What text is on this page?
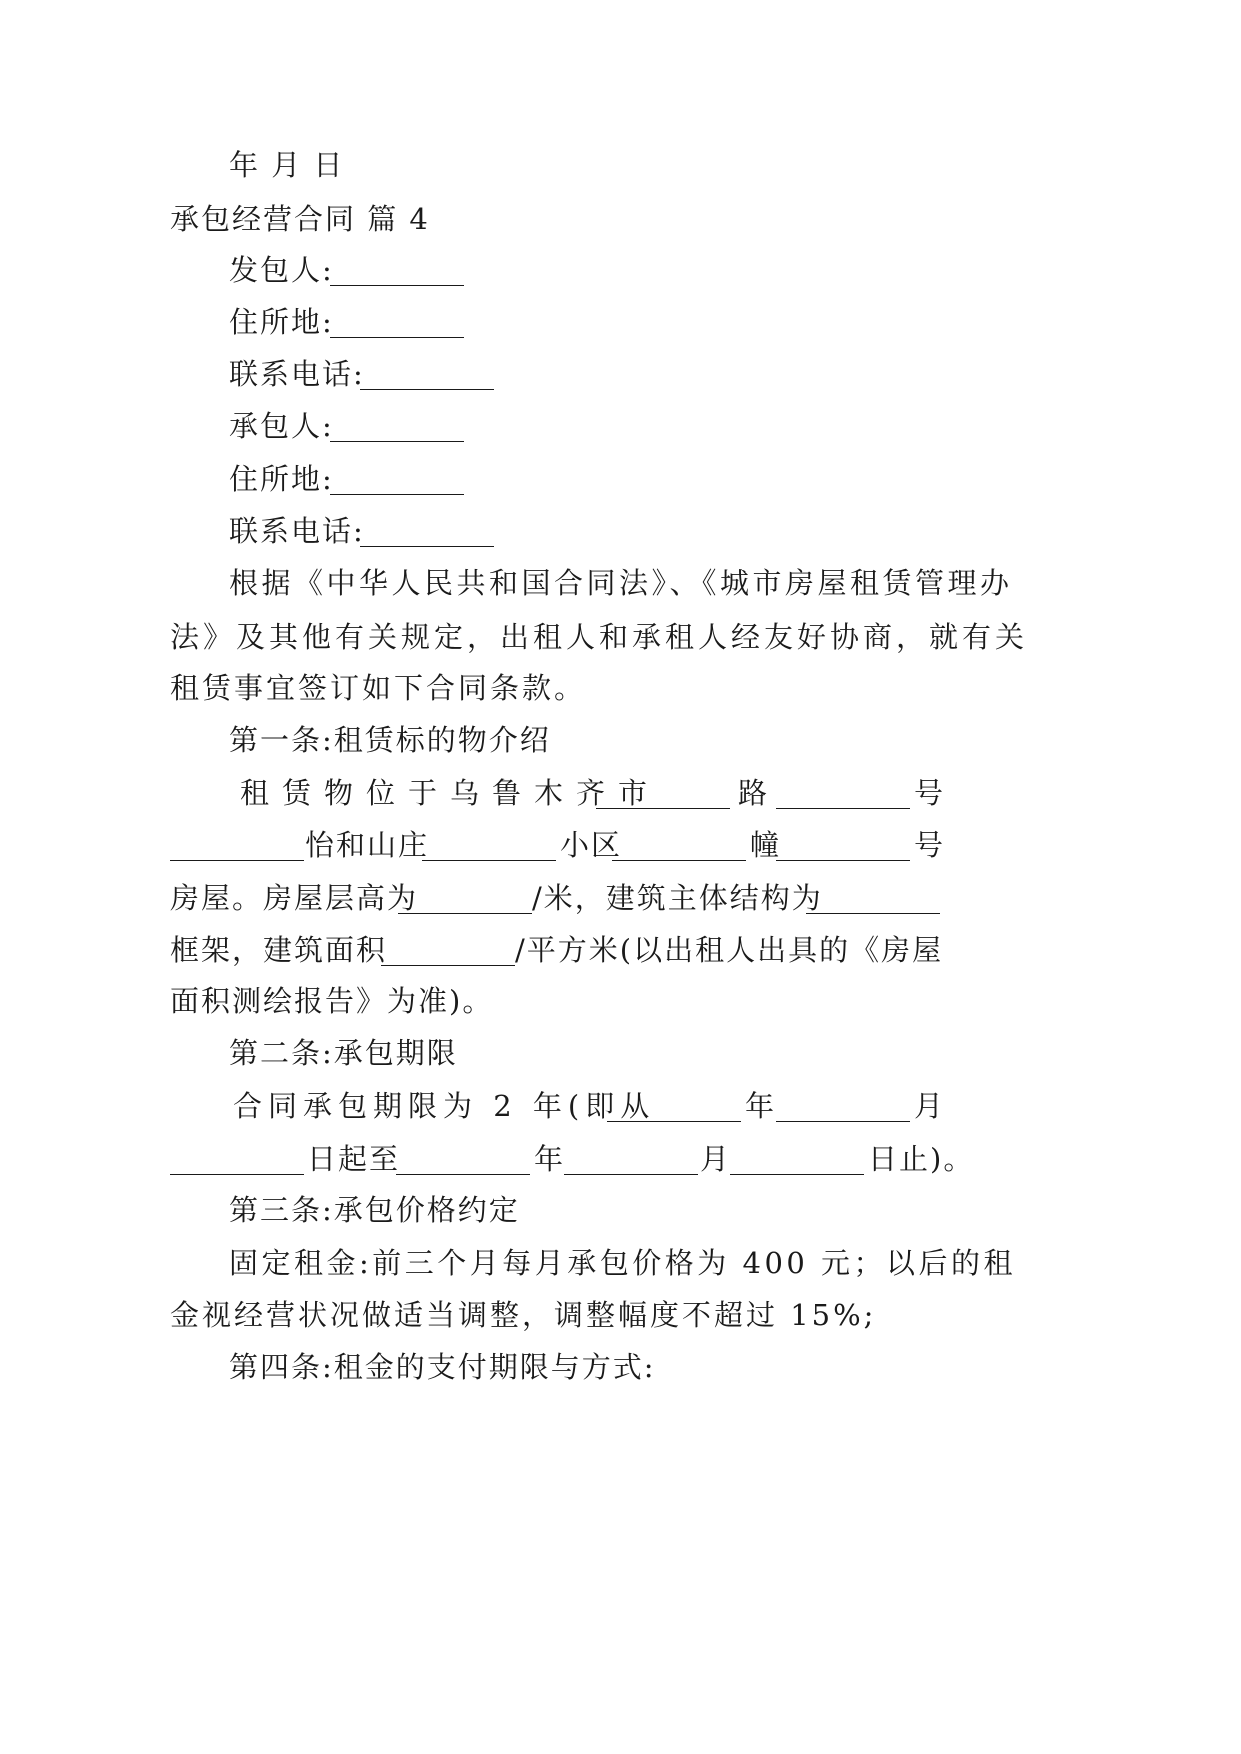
年 月 日
承包经营合同 篇 4
发包人:
住所地:
联系电话:
承包人:
住所地:
联系电话:
根据《中华人民共和国合同法》、《城市房屋租赁管理办
法》及其他有关规定，出租人和承租人经友好协商，就有关
租赁事宜签订如下合同条款。
第一条:租赁标的物介绍
租赁物位于乌鲁木齐市	路	号
怡和山庄	小区	幢	号
房屋。房屋层高为	/米，建筑主体结构为
框架，建筑面积	/平方米(以出租人出具的《房屋
面积测绘报告》为准)。
第二条:承包期限
合同承包期限为 2 年(即从	年	月
日起至	年	月	日止)。
第三条:承包价格约定
固定租金:前三个月每月承包价格为 400 元；以后的租
金视经营状况做适当调整，调整幅度不超过 15%;
第四条:租金的支付期限与方式:
